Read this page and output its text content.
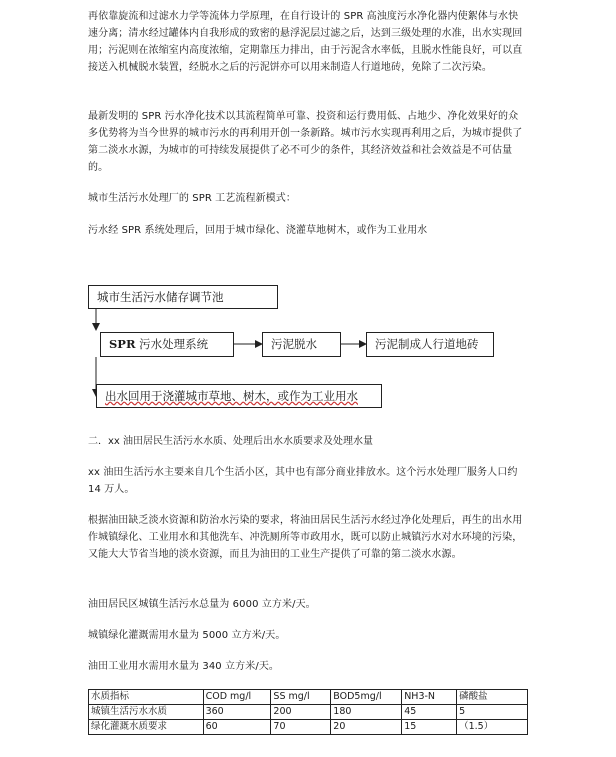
再依靠旋流和过滤水力学等流体力学原理，在自行设计的 SPR 高浊度污水净化器内使絮体与水快速分离；清水经过罐体内自我形成的致密的悬浮泥层过滤之后，达到三级处理的水准，出水实现回用；污泥则在浓缩室内高度浓缩，定期靠压力排出，由于污泥含水率低，且脱水性能良好，可以直接送入机械脱水装置，经脱水之后的污泥饼亦可以用来制造人行道地砖，免除了二次污染。

最新发明的 SPR 污水净化技术以其流程简单可靠、投资和运行费用低、占地少、净化效果好的众多优势将为当今世界的城市污水的再利用开创一条新路。城市污水实现再利用之后，为城市提供了第二淡水水源，为城市的可持续发展提供了必不可少的条件，其经济效益和社会效益是不可估量的。

城市生活污水处理厂的 SPR 工艺流程新模式：

污水经 SPR 系统处理后，回用于城市绿化、浇灌草地树木，或作为工业用水

城市生活污水储存调节池
SPR 污水处理系统	污泥脱水	污泥制成人行道地砖
出水回用于浇灌城市草地、树木，或作为工业用水
二．xx 油田居民生活污水水质、处理后出水水质要求及处理水量

xx 油田生活污水主要来自几个生活小区，其中也有部分商业排放水。这个污水处理厂服务人口约 14 万人。

根据油田缺乏淡水资源和防治水污染的要求，将油田居民生活污水经过净化处理后，再生的出水用作城镇绿化、工业用水和其他洗车、冲洗厕所等市政用水，既可以防止城镇污水对水环境的污染，又能大大节省当地的淡水资源，而且为油田的工业生产提供了可靠的第二淡水水源。

油田居民区城镇生活污水总量为 6000 立方米/天。

城镇绿化灌溉需用水量为 5000 立方米/天。

油田工业用水需用水量为 340 立方米/天。

水质指标	COD mg/l	SS mg/l	BOD5mg/l	NH3-N	磷酸盐
城镇生活污水水质	360	200	180	45	5
绿化灌溉水质要求	60	70	20	15	（1.5）
